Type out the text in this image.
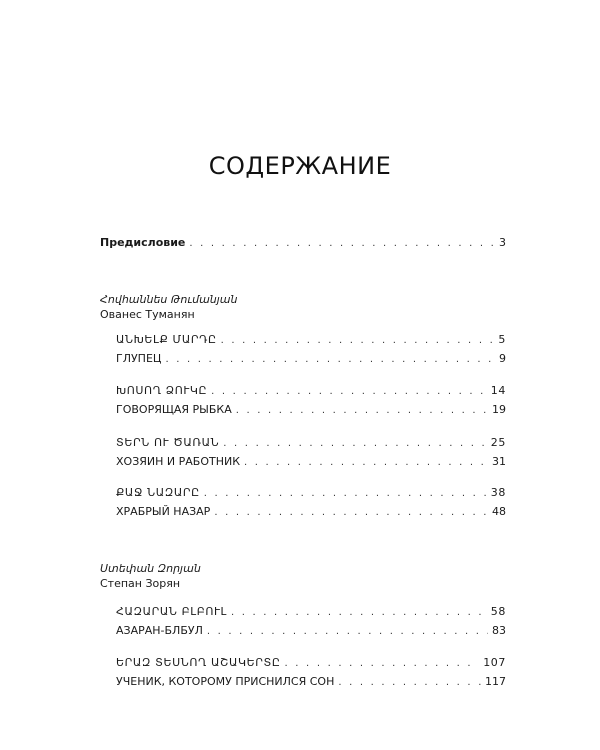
СОДЕРЖАНИЕ
Предисловие . . .	3
Հովհաննես Թումանյան
Ованес Туманян
ԱՆԽԵԼՔ ՄԱՐԴԸ . . .	5
ГЛУПЕЦ . . .	9
ԽՈՍՈՂ ՁՈՒԿԸ . . .	14
ГОВОРЯЩАЯ РЫБКА . . .	19
ՏԵՐՆ ՈՒ ԾԱՌԱՆ . . .	25
ХОЗЯИН И РАБОТНИК . . .	31
ՔԱՋ ՆԱԶԱՐԸ . . .	38
ХРАБРЫЙ НАЗАР . . .	48
Ստեփան Զորյան
Степан Зорян
ՀԱԶԱՐԱՆ ԲԼԲՈՒԼ . . .	58
АЗАРАН-БЛБУЛ . . .	83
ԵՐԱԶ ՏԵՍՆՈՂ ԱՇԱԿԵՐՏԸ . . .	107
УЧЕНИК, КОТОРОМУ ПРИСНИЛСЯ СОН . . .	117
